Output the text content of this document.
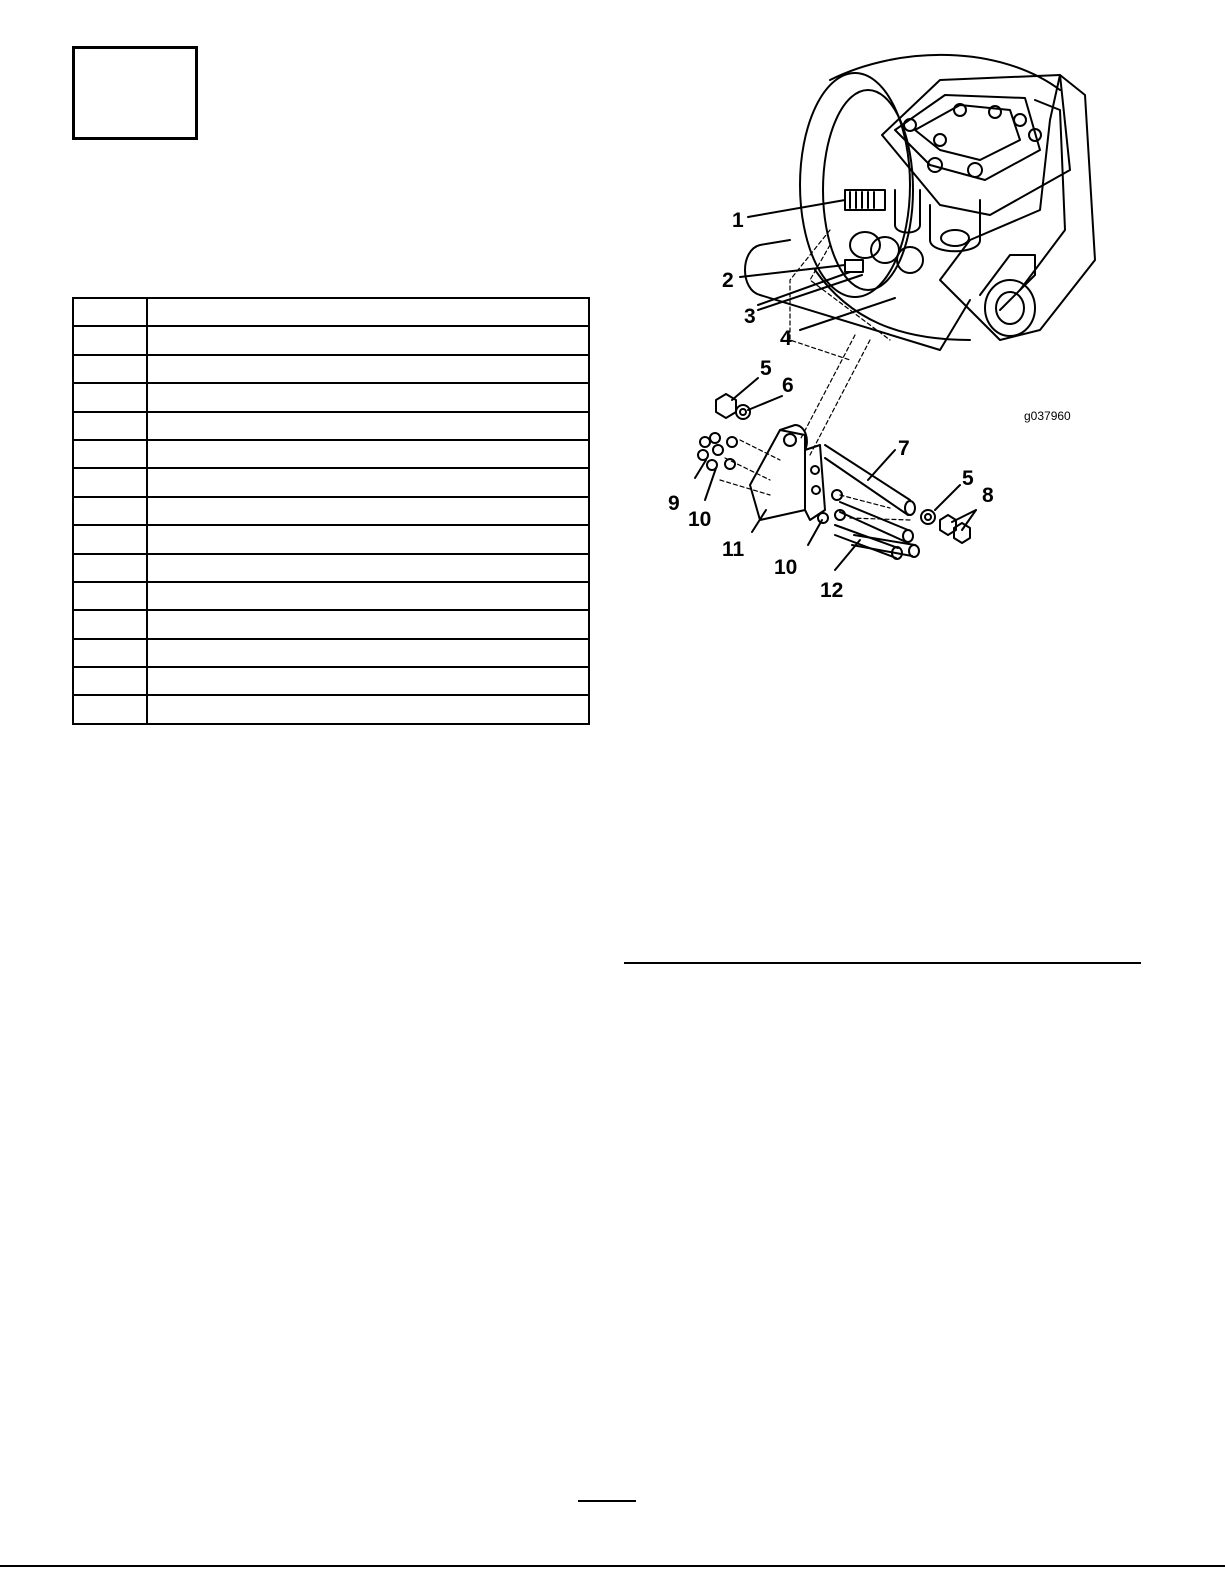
1
2
3
4
5
6
7
5
8
9
10
11
10
12
g037960
